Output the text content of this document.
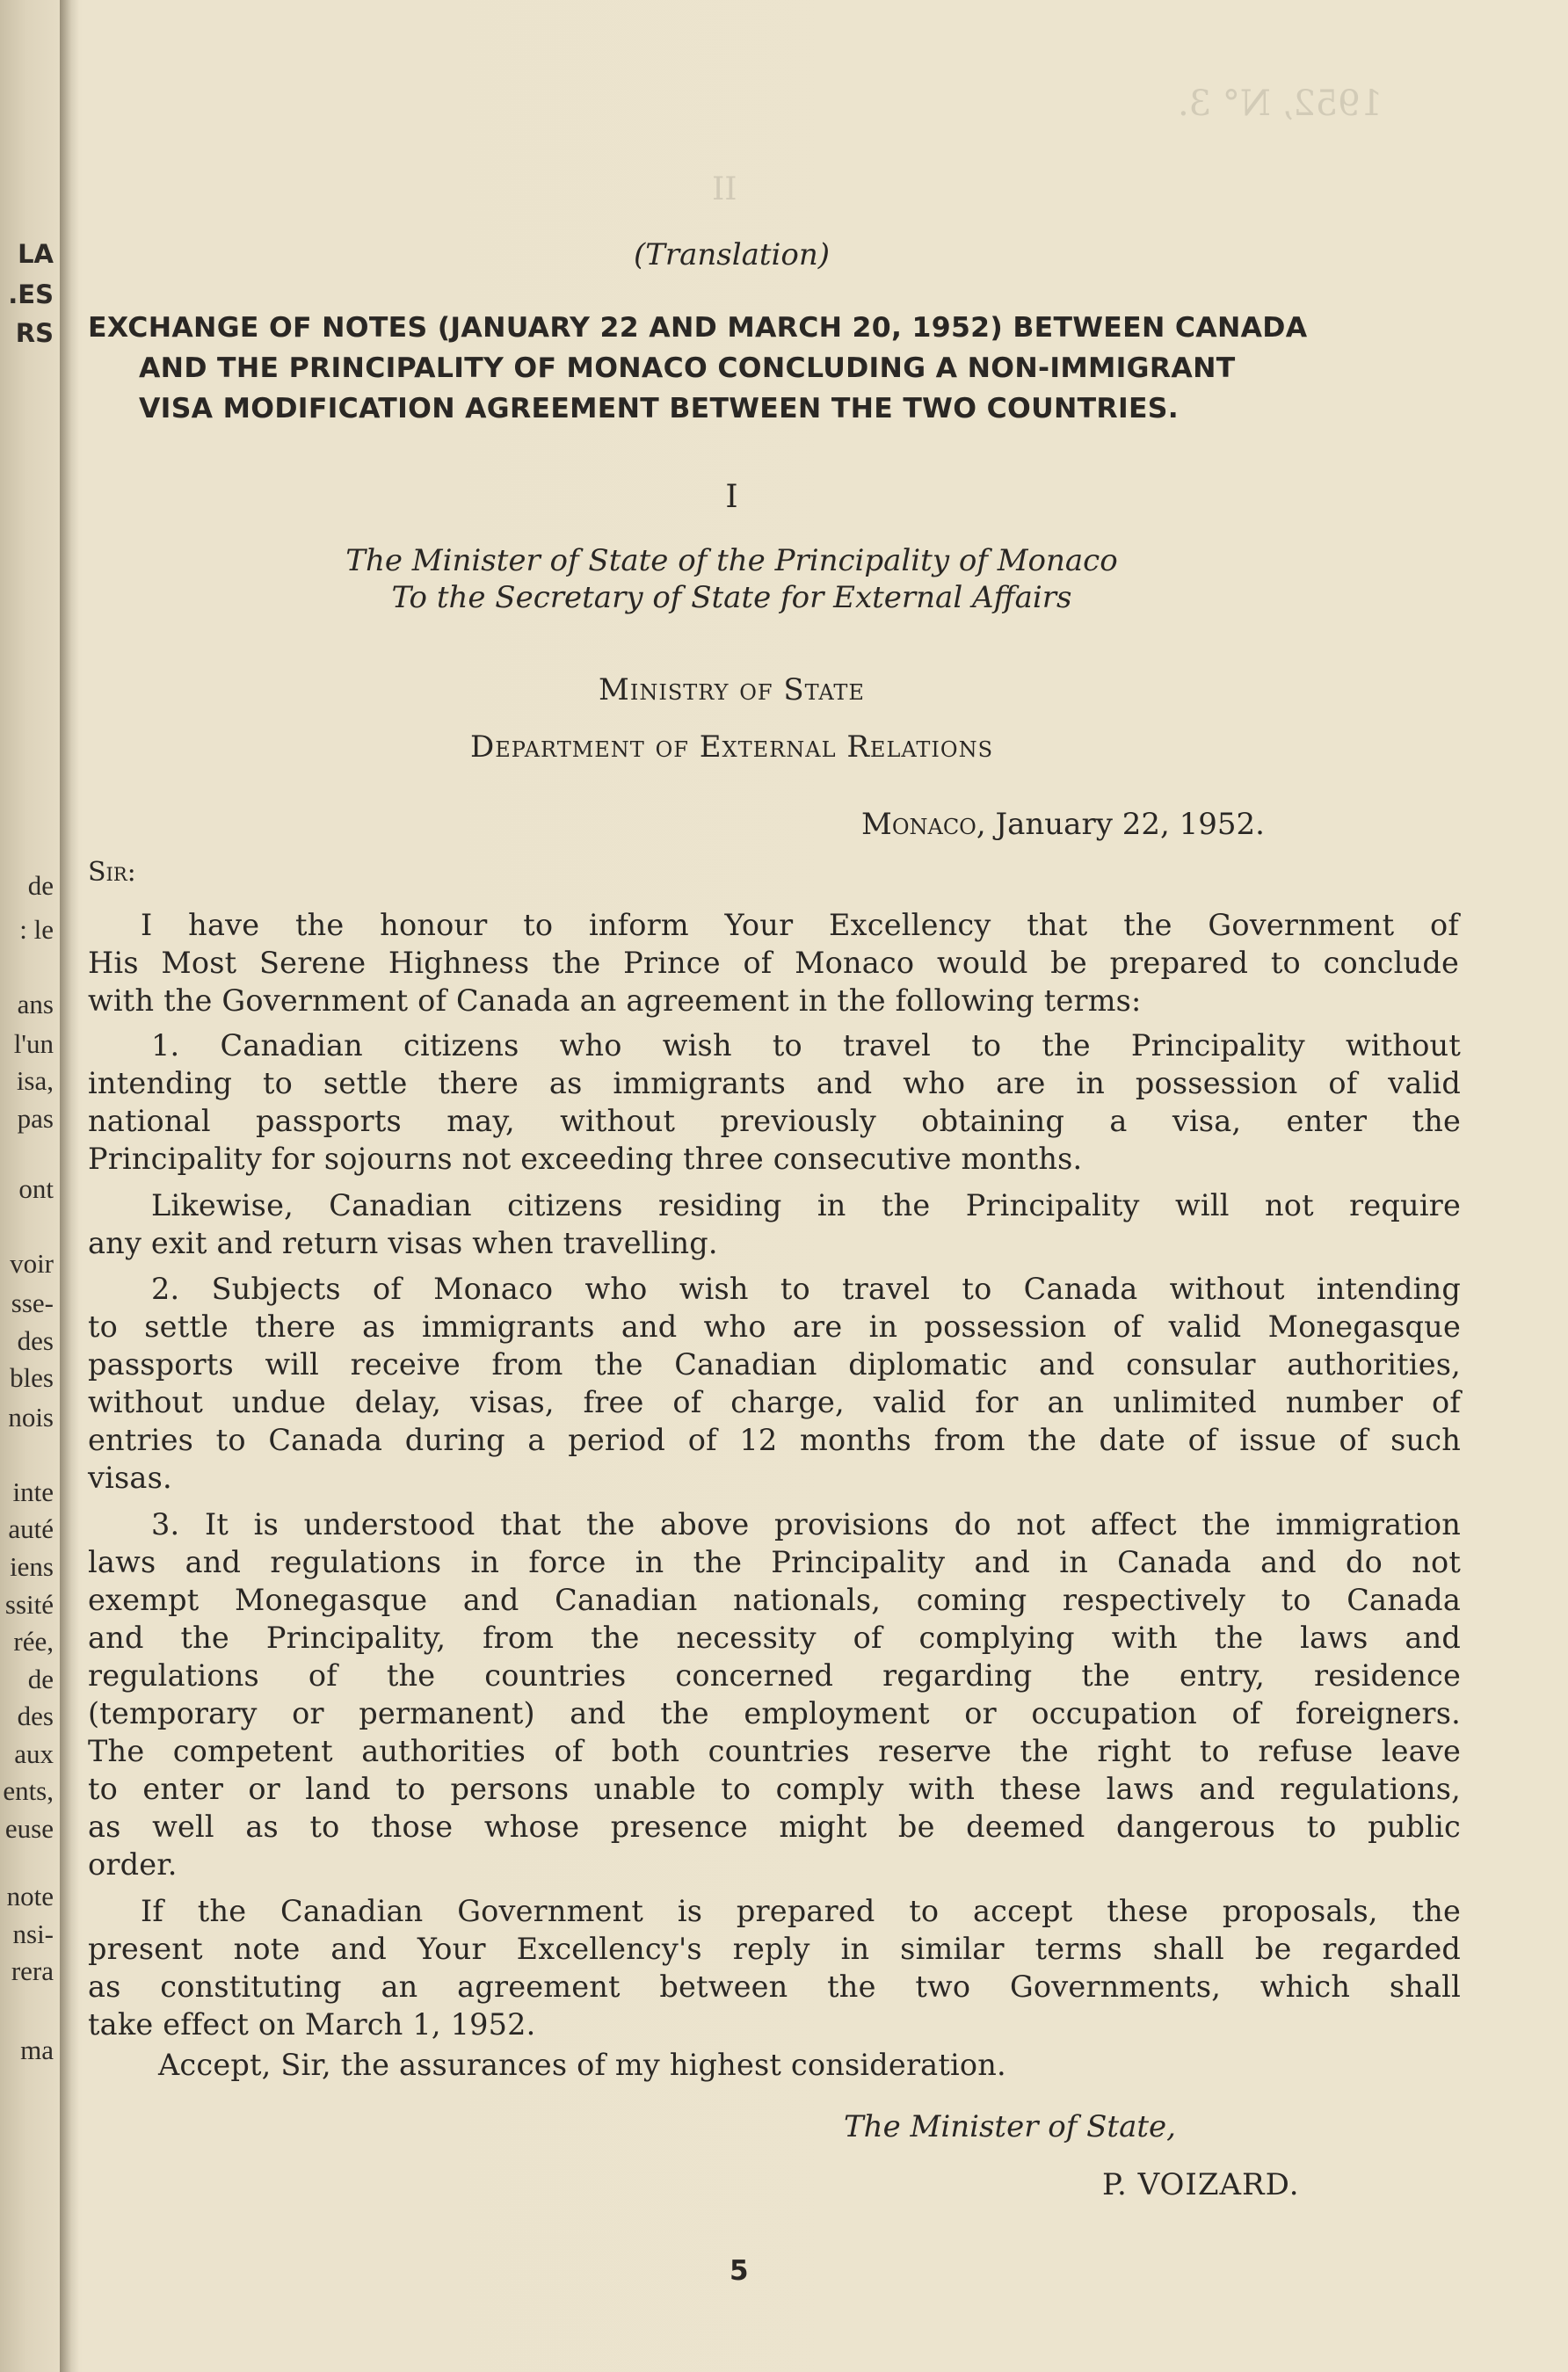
1952, N° 3.
II
LA
.ES
RS
de
: le
ans
l'un
isa,
pas
ont
voir
sse-
des
bles
nois
inte
auté
iens
ssité
rée,
de
des
aux
ents,
euse
note
nsi-
rera
ma
(Translation)
EXCHANGE OF NOTES (JANUARY 22 AND MARCH 20, 1952) BETWEEN CANADA
AND THE PRINCIPALITY OF MONACO CONCLUDING A NON-IMMIGRANT
VISA MODIFICATION AGREEMENT BETWEEN THE TWO COUNTRIES.
I
The Minister of State of the Principality of Monaco
To the Secretary of State for External Affairs
Ministry of State
Department of External Relations
Monaco, January 22, 1952.
Sir:
I have the honour to inform Your Excellency that the Government of
His Most Serene Highness the Prince of Monaco would be prepared to conclude
with the Government of Canada an agreement in the following terms:
1. Canadian citizens who wish to travel to the Principality without
intending to settle there as immigrants and who are in possession of valid
national passports may, without previously obtaining a visa, enter the
Principality for sojourns not exceeding three consecutive months.
Likewise, Canadian citizens residing in the Principality will not require
any exit and return visas when travelling.
2. Subjects of Monaco who wish to travel to Canada without intending
to settle there as immigrants and who are in possession of valid Monegasque
passports will receive from the Canadian diplomatic and consular authorities,
without undue delay, visas, free of charge, valid for an unlimited number of
entries to Canada during a period of 12 months from the date of issue of such
visas.
3. It is understood that the above provisions do not affect the immigration
laws and regulations in force in the Principality and in Canada and do not
exempt Monegasque and Canadian nationals, coming respectively to Canada
and the Principality, from the necessity of complying with the laws and
regulations of the countries concerned regarding the entry, residence
(temporary or permanent) and the employment or occupation of foreigners.
The competent authorities of both countries reserve the right to refuse leave
to enter or land to persons unable to comply with these laws and regulations,
as well as to those whose presence might be deemed dangerous to public
order.
If the Canadian Government is prepared to accept these proposals, the
present note and Your Excellency's reply in similar terms shall be regarded
as constituting an agreement between the two Governments, which shall
take effect on March 1, 1952.
Accept, Sir, the assurances of my highest consideration.
The Minister of State,
P. VOIZARD.
5
